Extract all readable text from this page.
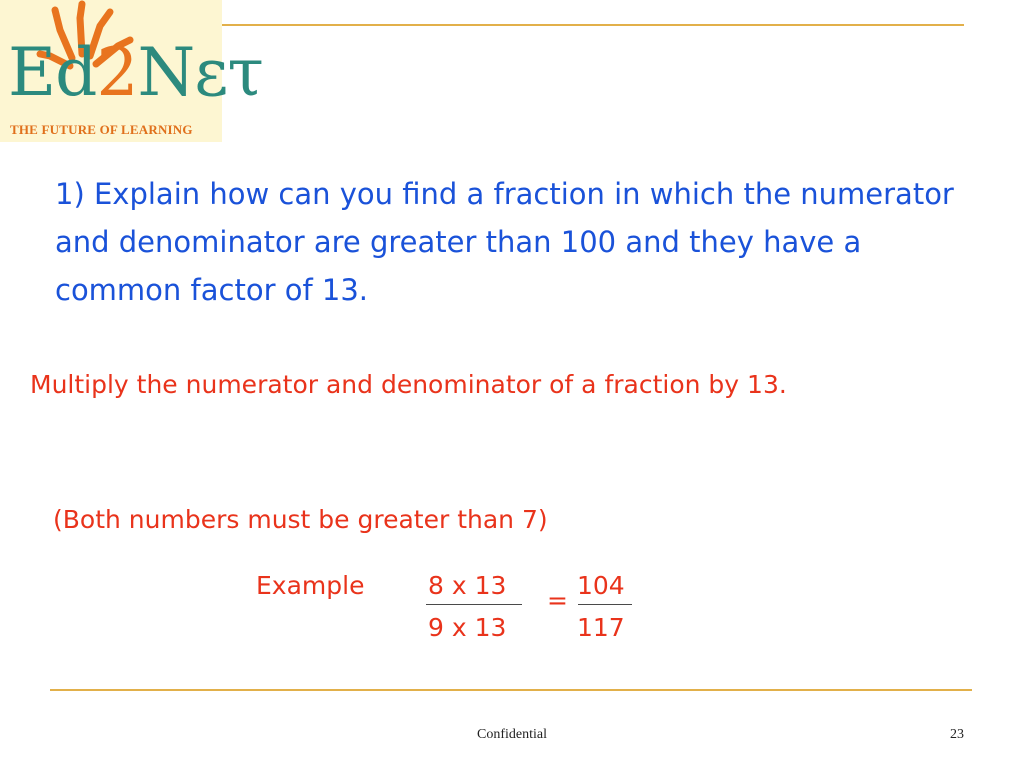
Ed2Nετ
THE FUTURE OF LEARNING

1) Explain how can you find a fraction in which the numerator and denominator are greater than 100 and they have a common factor of 13.

Multiply the numerator and denominator of a fraction by 13.

(Both numbers must be greater than 7)

Example	8 x 13
9 x 13
=
104
117
Confidential	23
